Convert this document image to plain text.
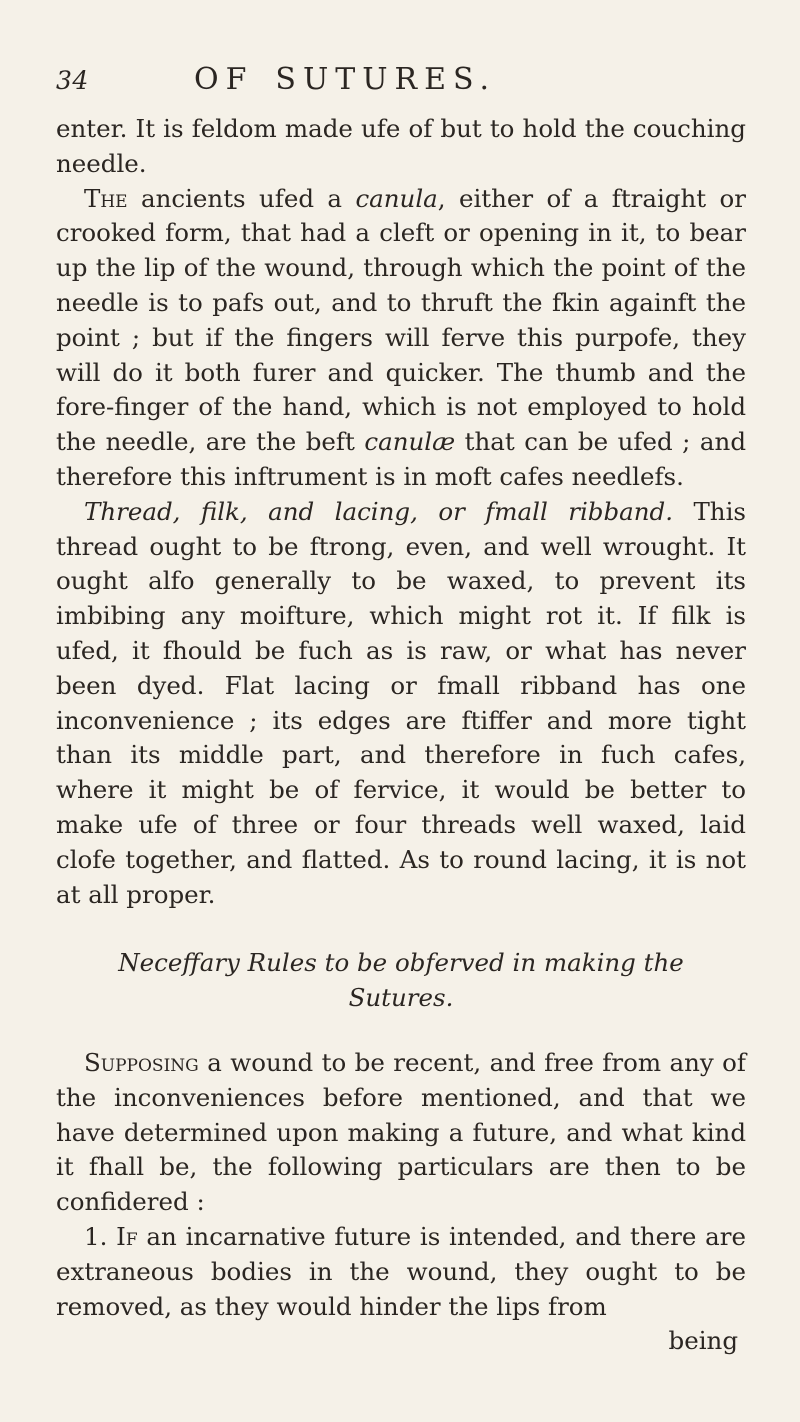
34	OF SUTURES.

enter. It is feldom made ufe of but to hold the couching needle.

The ancients ufed a canula, either of a ftraight or crooked form, that had a cleft or opening in it, to bear up the lip of the wound, through which the point of the needle is to pafs out, and to thruft the fkin againft the point ; but if the fingers will ferve this purpofe, they will do it both furer and quicker. The thumb and the fore-finger of the hand, which is not employed to hold the needle, are the beft canulæ that can be ufed ; and therefore this inftrument is in moft cafes needlefs.

Thread, filk, and lacing, or fmall ribband. This thread ought to be ftrong, even, and well wrought. It ought alfo generally to be waxed, to prevent its imbibing any moifture, which might rot it. If filk is ufed, it fhould be fuch as is raw, or what has never been dyed. Flat lacing or fmall ribband has one inconvenience ; its edges are ftiffer and more tight than its middle part, and therefore in fuch cafes, where it might be of fervice, it would be better to make ufe of three or four threads well waxed, laid clofe together, and flatted. As to round lacing, it is not at all proper.

Neceffary Rules to be obferved in making the
Sutures.

Supposing a wound to be recent, and free from any of the inconveniences before mentioned, and that we have determined upon making a future, and what kind it fhall be, the following particulars are then to be confidered :

1. If an incarnative future is intended, and there are extraneous bodies in the wound, they ought to be removed, as they would hinder the lips from

being
